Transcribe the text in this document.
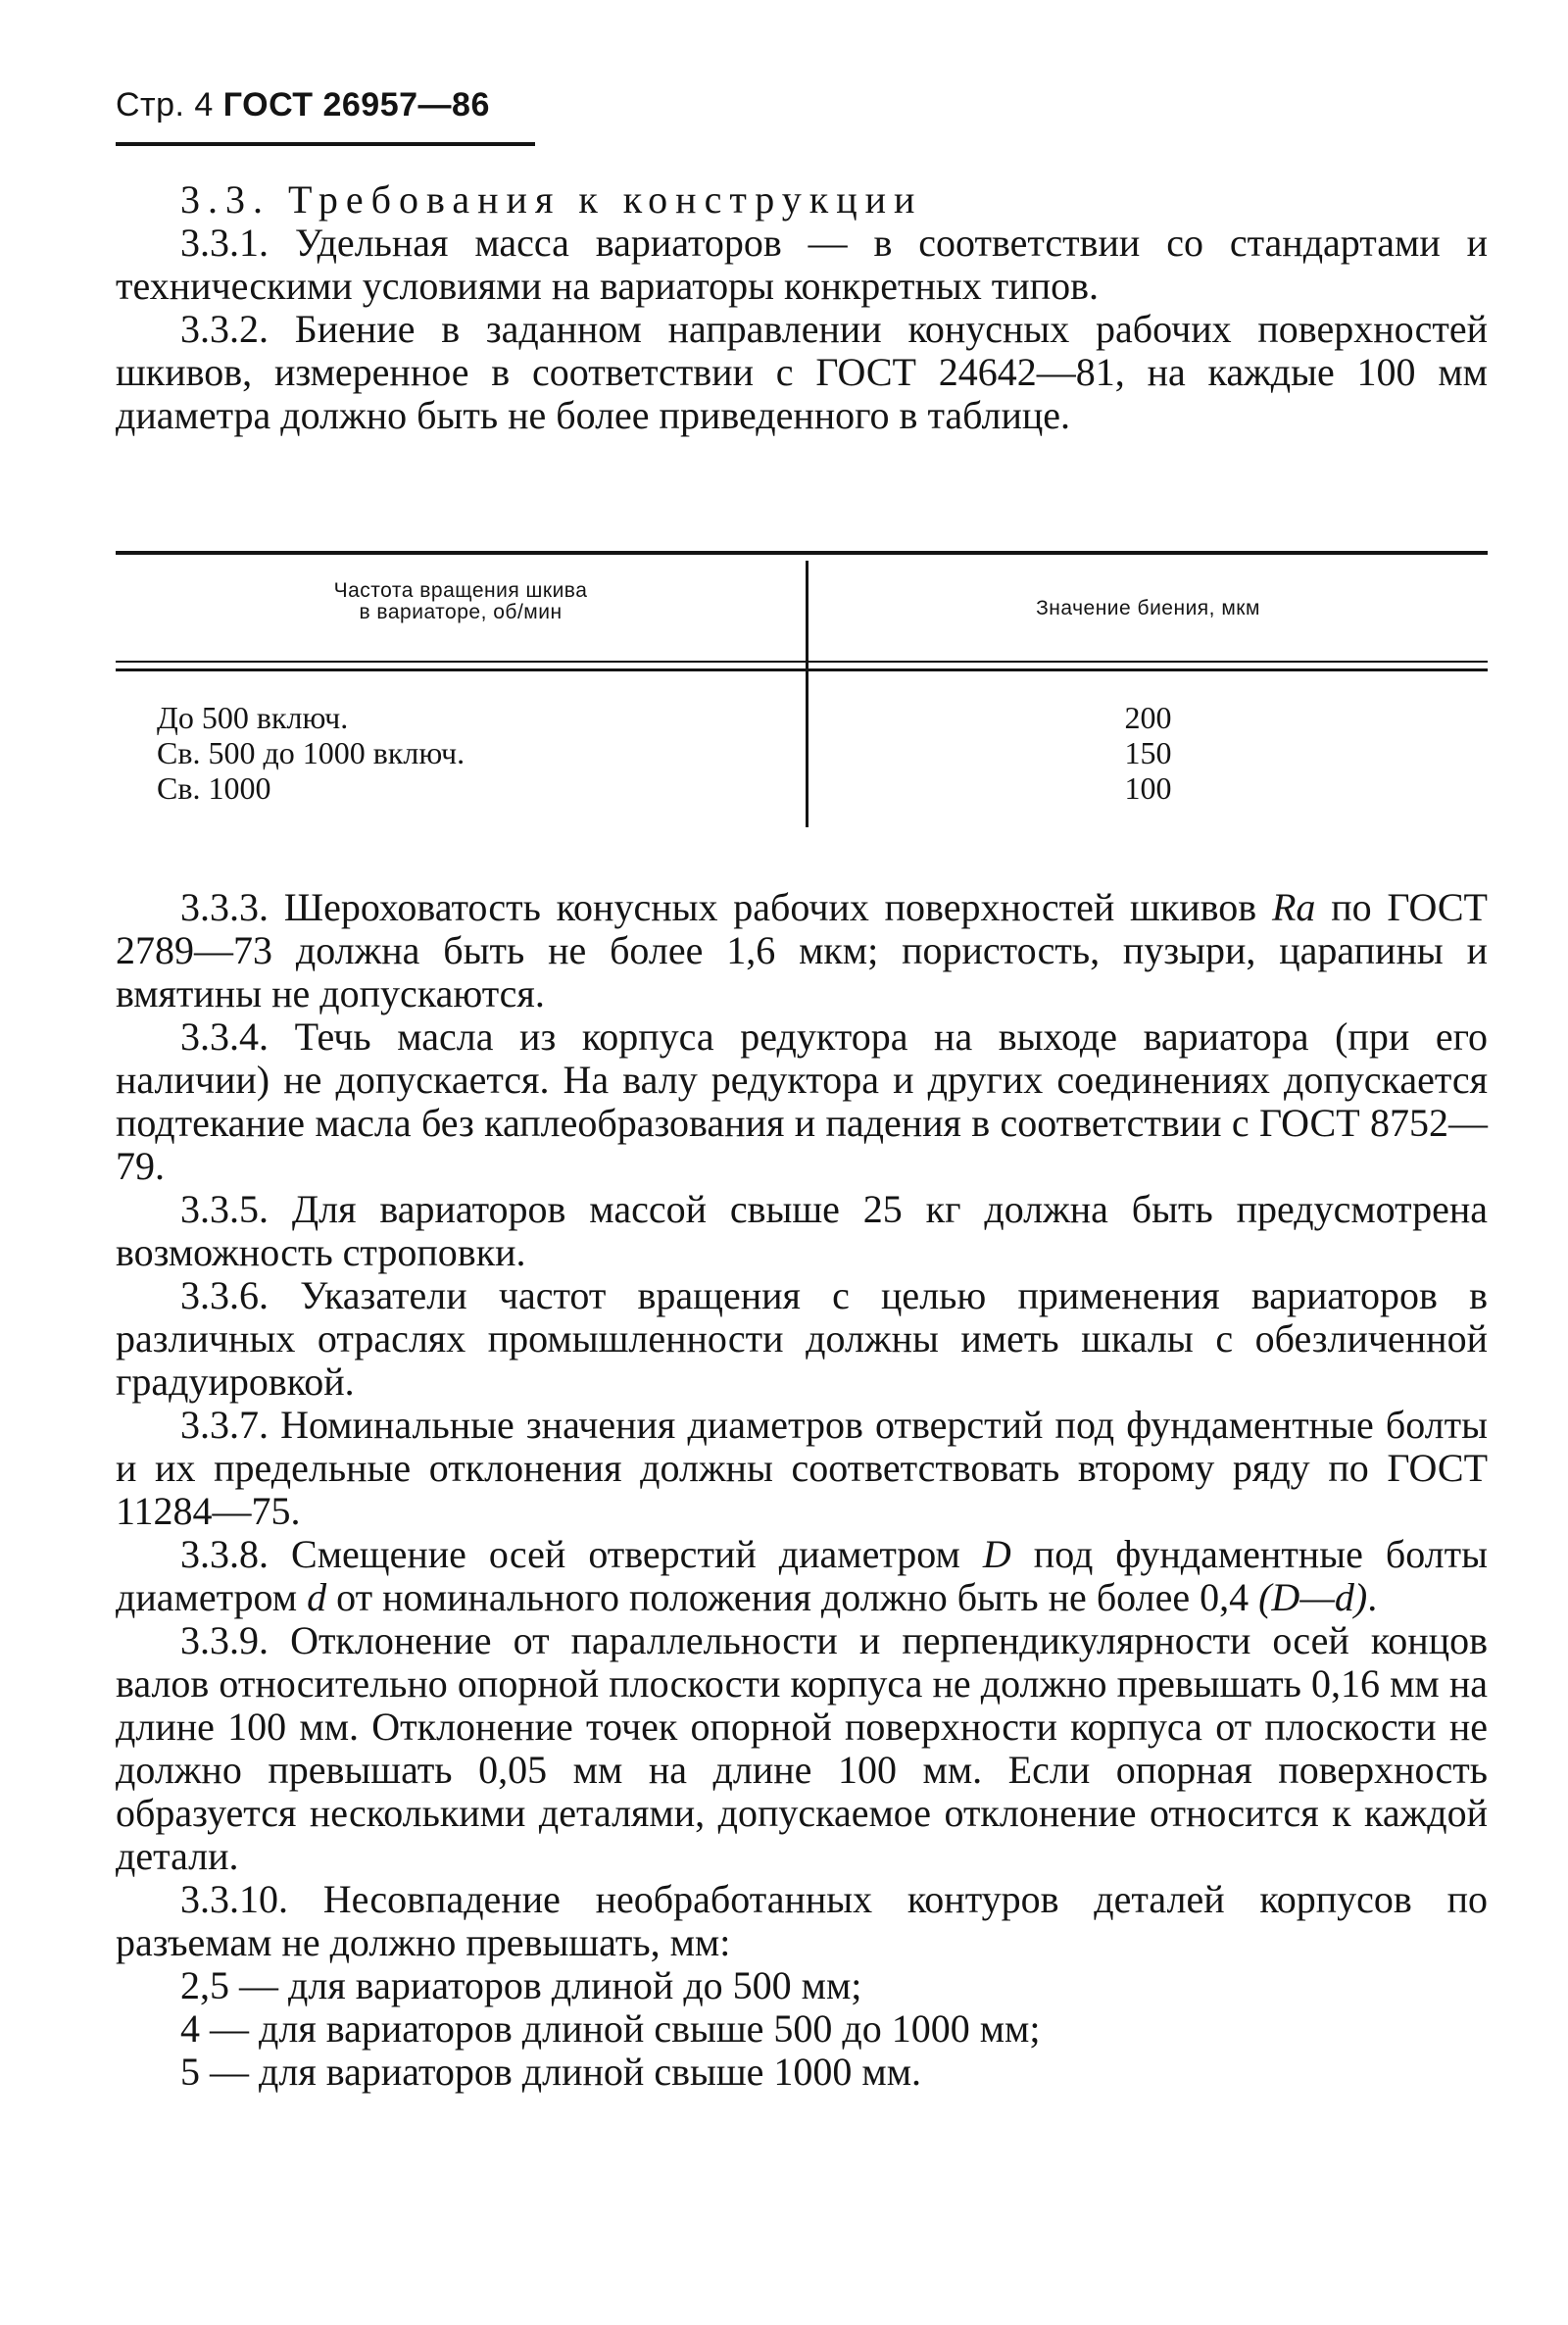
Стр. 4 ГОСТ 26957—86

3.3. Требования к конструкции

3.3.1. Удельная масса вариаторов — в соответствии со стандартами и техническими условиями на вариаторы конкретных типов.

3.3.2. Биение в заданном направлении конусных рабочих поверхностей шкивов, измеренное в соответствии с ГОСТ 24642—81, на каждые 100 мм диаметра должно быть не более приведенного в таблице.

Частота вращения шкива
в вариаторе, об/мин	Значение биения, мкм
До 500 включ.
Св. 500 до 1000 включ.
Св. 1000
200
150
100

3.3.3. Шероховатость конусных рабочих поверхностей шкивов Ra по ГОСТ 2789—73 должна быть не более 1,6 мкм; пористость, пузыри, царапины и вмятины не допускаются.

3.3.4. Течь масла из корпуса редуктора на выходе вариатора (при его наличии) не допускается. На валу редуктора и других соединениях допускается подтекание масла без каплеобразования и падения в соответствии с ГОСТ 8752—79.

3.3.5. Для вариаторов массой свыше 25 кг должна быть предусмотрена возможность строповки.

3.3.6. Указатели частот вращения с целью применения вариаторов в различных отраслях промышленности должны иметь шкалы с обезличенной градуировкой.

3.3.7. Номинальные значения диаметров отверстий под фундаментные болты и их предельные отклонения должны соответствовать второму ряду по ГОСТ 11284—75.

3.3.8. Смещение осей отверстий диаметром D под фундаментные болты диаметром d от номинального положения должно быть не более 0,4 (D—d).

3.3.9. Отклонение от параллельности и перпендикулярности осей концов валов относительно опорной плоскости корпуса не должно превышать 0,16 мм на длине 100 мм. Отклонение точек опорной поверхности корпуса от плоскости не должно превышать 0,05 мм на длине 100 мм. Если опорная поверхность образуется несколькими деталями, допускаемое отклонение относится к каждой детали.

3.3.10. Несовпадение необработанных контуров деталей корпусов по разъемам не должно превышать, мм:

2,5 — для вариаторов длиной до 500 мм;

4 — для вариаторов длиной свыше 500 до 1000 мм;

5 — для вариаторов длиной свыше 1000 мм.
